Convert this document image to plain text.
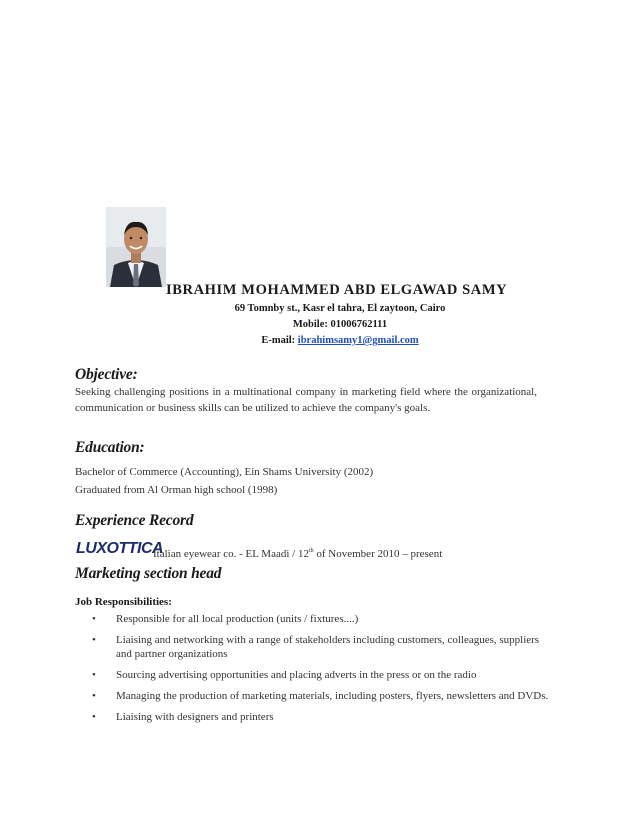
IBRAHIM MOHAMMED ABD ELGAWAD SAMY
69 Tomnby st., Kasr el tahra, El zaytoon, Cairo
Mobile: 01006762111
E-mail: ibrahimsamy1@gmail.com
Objective:
Seeking challenging positions in a multinational company in marketing field where the organizational, communication or business skills can be utilized to achieve the company's goals.
Education:
Bachelor of Commerce (Accounting), Ein Shams University (2002)
Graduated from Al Orman high school (1998)
Experience Record
LUXOTTICA
Italian eyewear co. - EL Maadi / 12th of November 2010 – present
Marketing section head
Job Responsibilities:
• Responsible for all local production (units / fixtures....)
• Liaising and networking with a range of stakeholders including customers, colleagues, suppliers and partner organizations
• Sourcing advertising opportunities and placing adverts in the press or on the radio
• Managing the production of marketing materials, including posters, flyers, newsletters and DVDs.
• Liaising with designers and printers
